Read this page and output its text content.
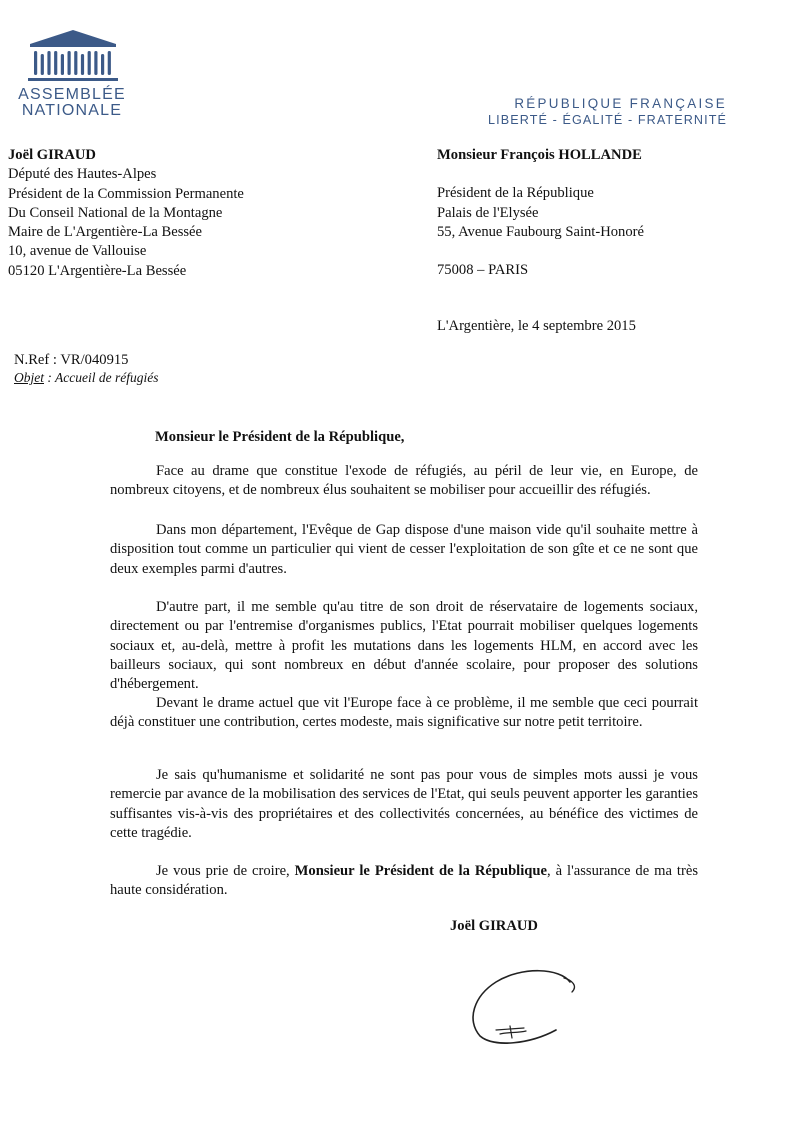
ASSEMBLÉE
NATIONALE	RÉPUBLIQUE FRANÇAISE
LIBERTÉ - ÉGALITÉ - FRATERNITÉ
Joël GIRAUD
Député des Hautes-Alpes
Président de la Commission Permanente
Du Conseil National de la Montagne
Maire de L'Argentière-La Bessée
10, avenue de Vallouise
05120 L'Argentière-La Bessée
Monsieur François HOLLANDE
Président de la République
Palais de l'Elysée
55, Avenue Faubourg Saint-Honoré
75008 – PARIS
L'Argentière, le 4 septembre 2015
N.Ref : VR/040915
Objet : Accueil de réfugiés
Monsieur le Président de la République,
Face au drame que constitue l'exode de réfugiés, au péril de leur vie, en Europe, de nombreux citoyens, et de nombreux élus souhaitent se mobiliser pour accueillir des réfugiés.
Dans mon département, l'Evêque de Gap dispose d'une maison vide qu'il souhaite mettre à disposition tout comme un particulier qui vient de cesser l'exploitation de son gîte et ce ne sont que deux exemples parmi d'autres.
D'autre part, il me semble qu'au titre de son droit de réservataire de logements sociaux, directement ou par l'entremise d'organismes publics, l'Etat pourrait mobiliser quelques logements sociaux et, au-delà, mettre à profit les mutations dans les logements HLM, en accord avec les bailleurs sociaux, qui sont nombreux en début d'année scolaire, pour proposer des solutions d'hébergement.
Devant le drame actuel que vit l'Europe face à ce problème, il me semble que ceci pourrait déjà constituer une contribution, certes modeste, mais significative sur notre petit territoire.
Je sais qu'humanisme et solidarité ne sont pas pour vous de simples mots aussi je vous remercie par avance de la mobilisation des services de l'Etat, qui seuls peuvent apporter les garanties suffisantes vis-à-vis des propriétaires et des collectivités concernées, au bénéfice des victimes de cette tragédie.
Je vous prie de croire, Monsieur le Président de la République, à l'assurance de ma très haute considération.
Joël GIRAUD
